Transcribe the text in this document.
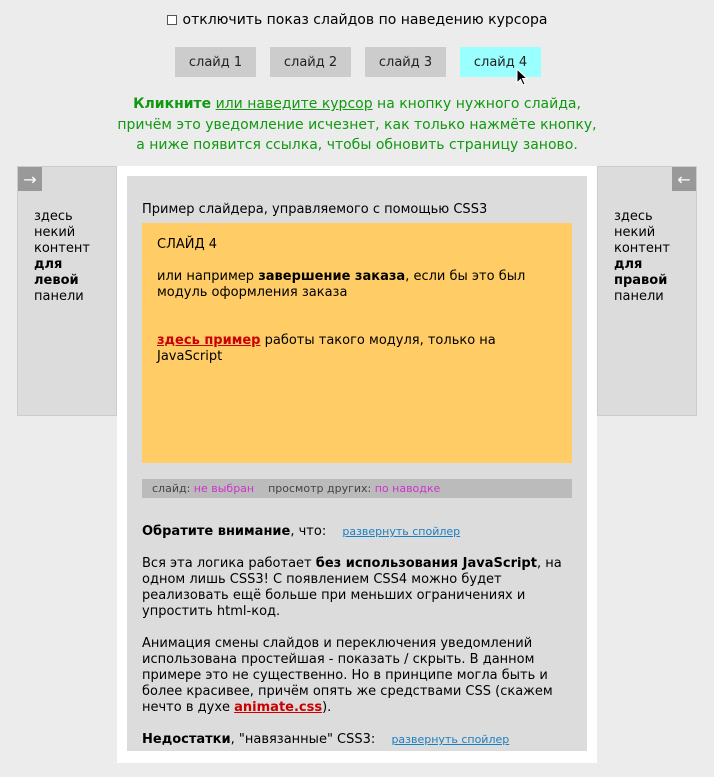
отключить показ слайдов по наведению курсора
слайд 1	слайд 2	слайд 3	слайд 4
Кликните или наведите курсор на кнопку нужного слайда,
причём это уведомление исчезнет, как только нажмёте кнопку,
а ниже появится ссылка, чтобы обновить страницу заново.
→
здесь
некий
контент
для
левой
панели
←
здесь
некий
контент
для
правой
панели
Пример слайдера, управляемого с помощью CSS3

СЛАЙД 4

или например завершение заказа, если бы это был модуль оформления заказа

здесь пример работы такого модуля, только на JavaScript

слайд:
не выбран просмотр других:
по наводке
Обратите внимание, что: развернуть спойлер

Вся эта логика работает без использования JavaScript, на одном лишь CSS3! С появлением CSS4 можно будет реализовать ещё больше при меньших ограничениях и упростить html-код.

Анимация смены слайдов и переключения уведомлений использована простейшая - показать / скрыть. В данном примере это не существенно. Но в принципе могла быть и более красивее, причём опять же средствами CSS (скажем нечто в духе animate.css).

Недостатки, "навязанные" CSS3: развернуть спойлер
